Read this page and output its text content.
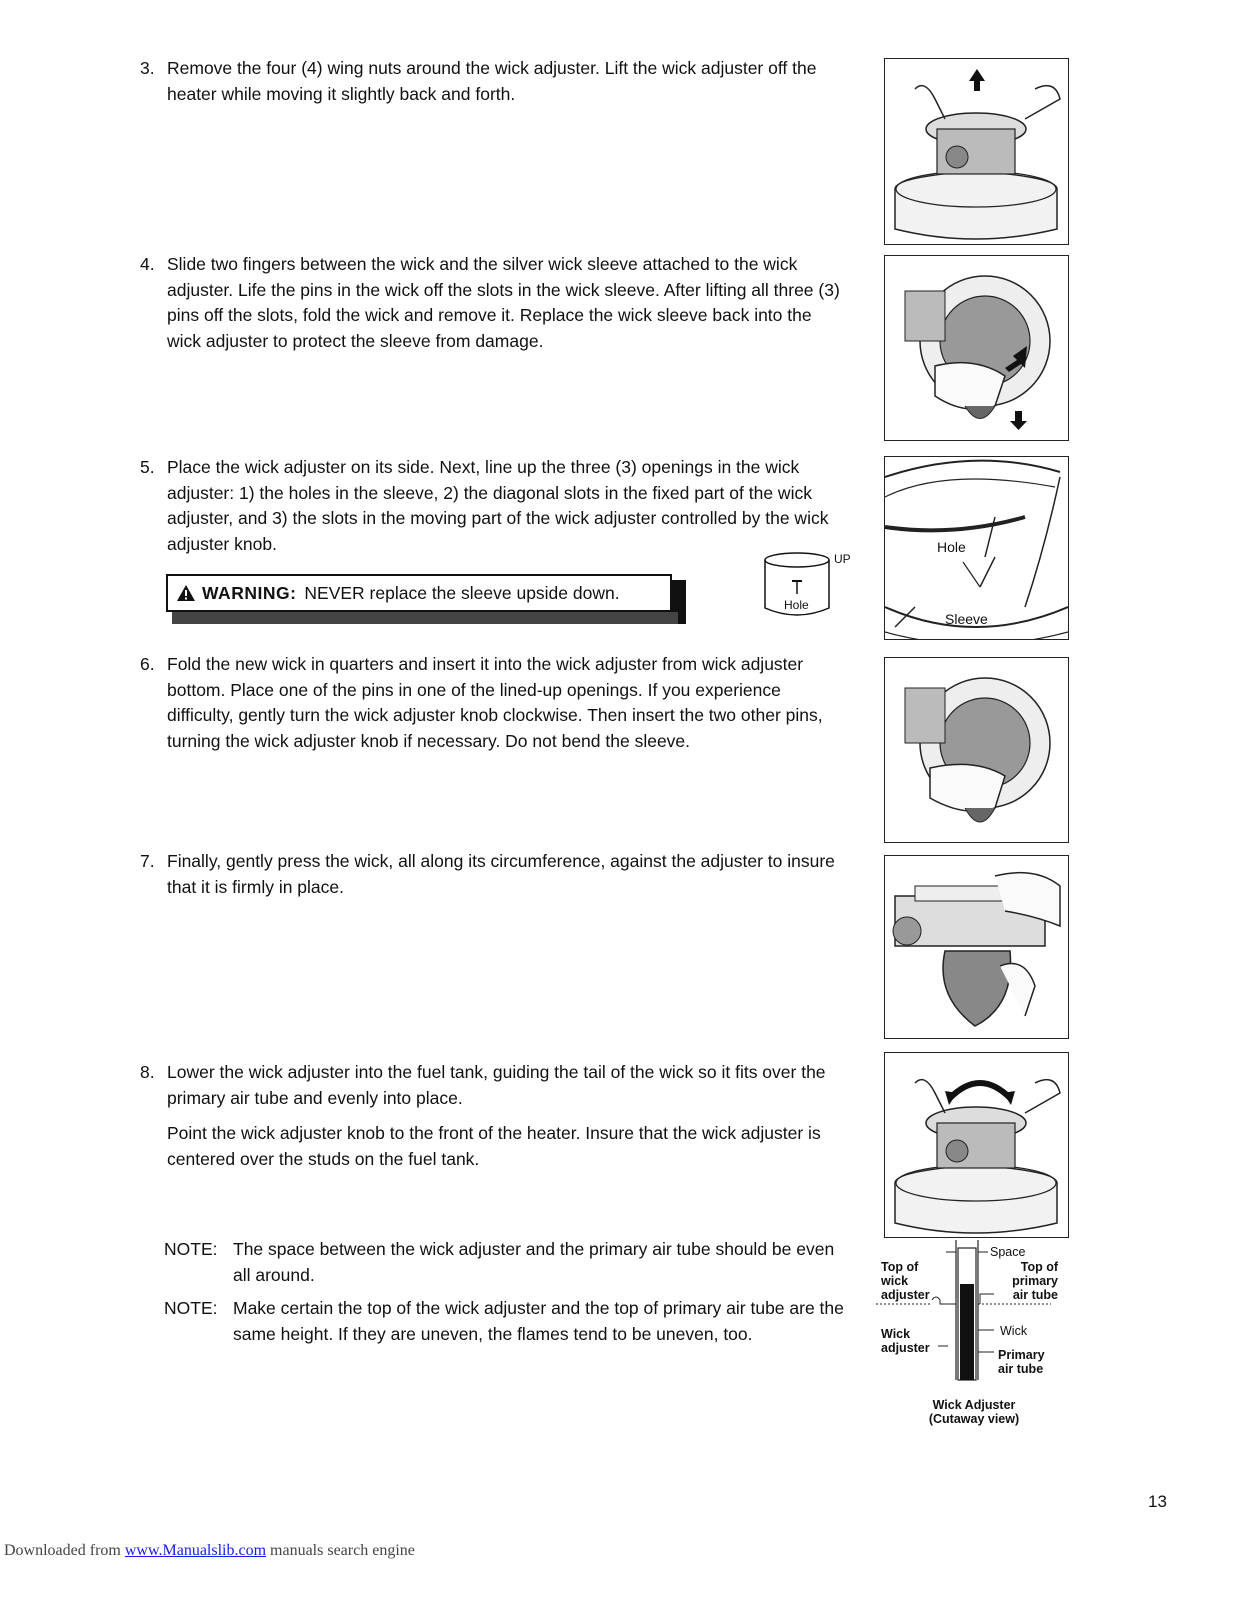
3. Remove the four (4) wing nuts around the wick adjuster. Lift the wick adjuster off the heater while moving it slightly back and forth.

4. Slide two fingers between the wick and the silver wick sleeve attached to the wick adjuster. Life the pins in the wick off the slots in the wick sleeve. After lifting all three (3) pins off the slots, fold the wick and remove it. Replace the wick sleeve back into the wick adjuster to protect the sleeve from damage.

5. Place the wick adjuster on its side. Next, line up the three (3) openings in the wick adjuster: 1) the holes in the sleeve, 2) the diagonal slots in the fixed part of the wick adjuster, and 3) the slots in the moving part of the wick adjuster controlled by the wick adjuster knob.

WARNING: NEVER replace the sleeve upside down.
UP
Hole
6. Fold the new wick in quarters and insert it into the wick adjuster from wick adjuster bottom. Place one of the pins in one of the lined-up openings. If you experience difficulty, gently turn the wick adjuster knob clockwise. Then insert the two other pins, turning the wick adjuster knob if necessary. Do not bend the sleeve.

7. Finally, gently press the wick, all along its circumference, against the adjuster to insure that it is firmly in place.

8. Lower the wick adjuster into the fuel tank, guiding the tail of the wick so it fits over the primary air tube and evenly into place.

Point the wick adjuster knob to the front of the heater. Insure that the wick adjuster is centered over the studs on the fuel tank.

NOTE: The space between the wick adjuster and the primary air tube should be even all around.
NOTE: Make certain the top of the wick adjuster and the top of primary air tube are the same height. If they are uneven, the flames tend to be uneven, too.
Hole
Sleeve
Space
Top of
wick
adjuster
Top of
primary
air tube
Wick
adjuster
Wick
Primary
air tube
Wick Adjuster
(Cutaway view)
13
Downloaded from www.Manualslib.com manuals search engine
